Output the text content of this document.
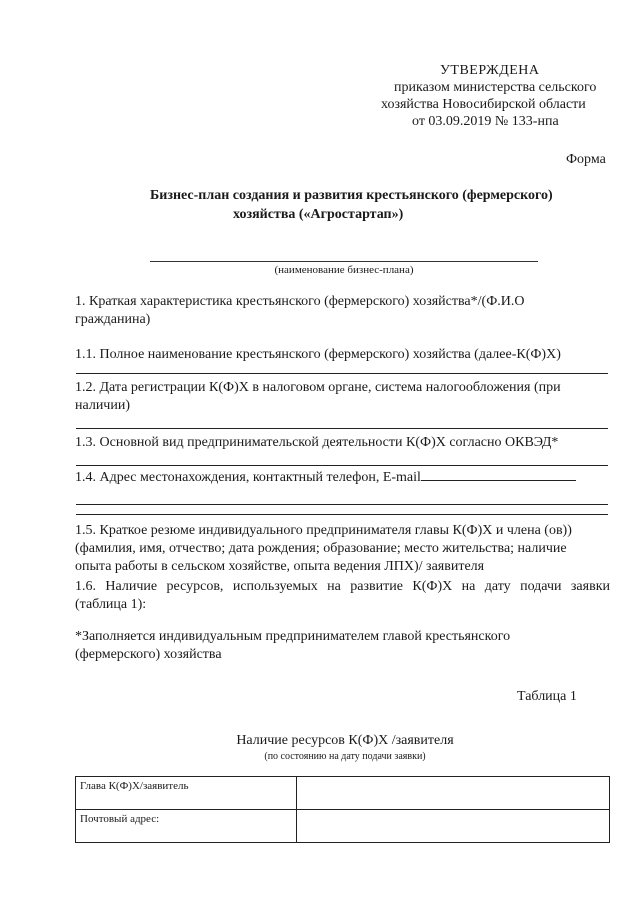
УТВЕРЖДЕНА
приказом министерства сельского
хозяйства Новосибирской области
от 03.09.2019 № 133-нпа
Форма
Бизнес-план создания и развития крестьянского (фермерского)
хозяйства («Агростартап»)
(наименование бизнес-плана)
1. Краткая характеристика крестьянского (фермерского) хозяйства*/(Ф.И.О
гражданина)
1.1. Полное наименование крестьянского (фермерского) хозяйства (далее-К(Ф)Х)
1.2. Дата регистрации К(Ф)Х в налоговом органе, система налогообложения (при
наличии)
1.3. Основной вид предпринимательской деятельности К(Ф)Х согласно ОКВЭД*
1.4. Адрес местонахождения, контактный телефон, E-mail
1.5. Краткое резюме индивидуального предпринимателя главы К(Ф)Х и члена (ов))
(фамилия, имя, отчество; дата рождения; образование; место жительства; наличие
опыта работы в сельском хозяйстве, опыта ведения ЛПХ)/ заявителя
1.6. Наличие ресурсов, используемых на развитие К(Ф)Х на дату подачи заявки
(таблица 1):
*Заполняется индивидуальным предпринимателем главой крестьянского
(фермерского) хозяйства
Таблица 1
Наличие ресурсов К(Ф)Х /заявителя
(по состоянию на дату подачи заявки)
Глава К(Ф)Х/заявитель	
Почтовый адрес:	
